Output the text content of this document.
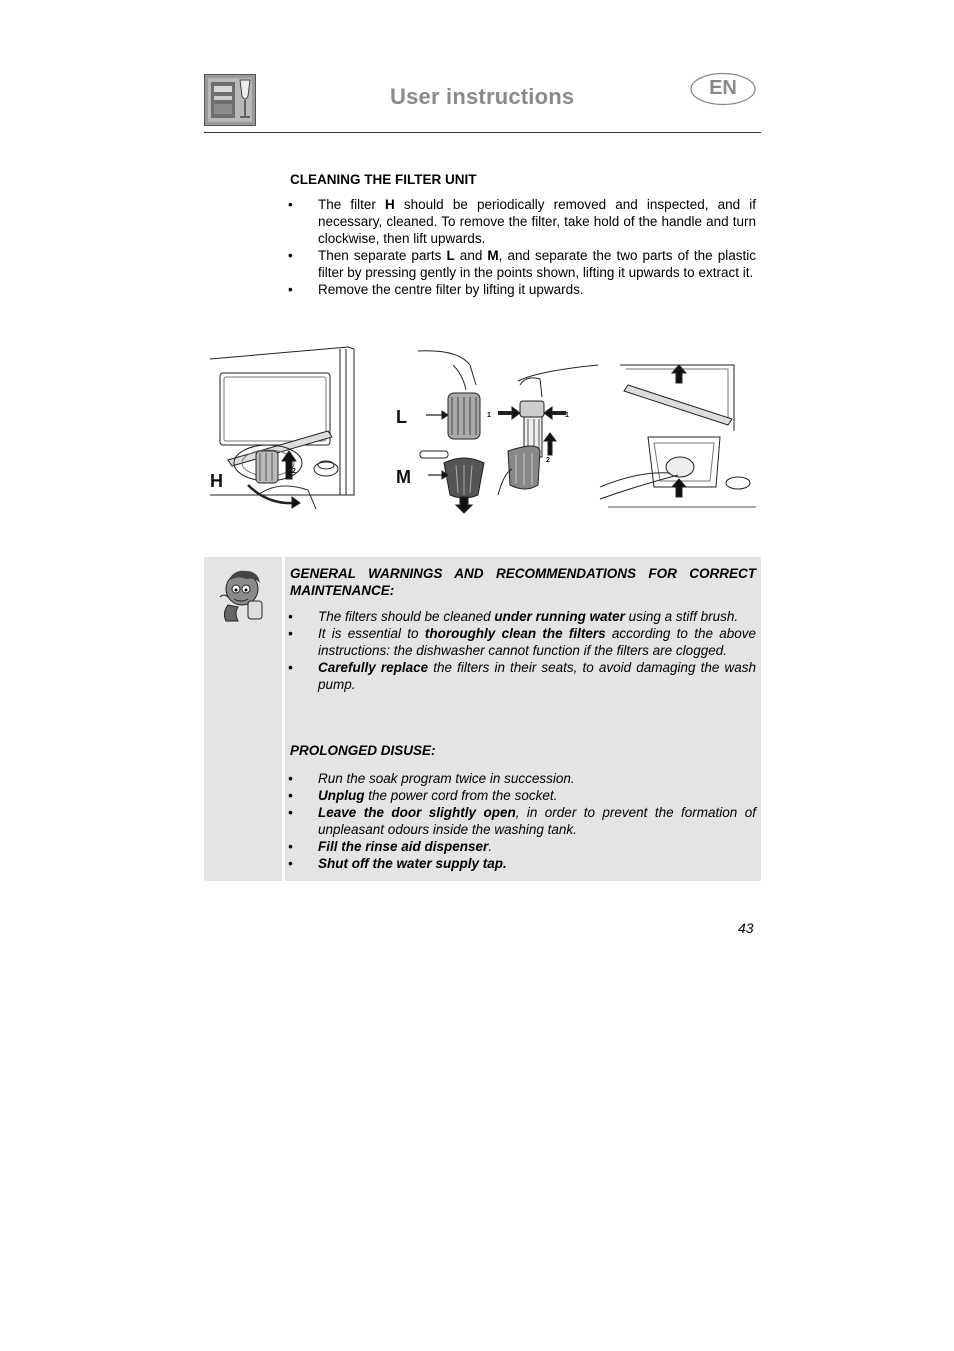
User instructions	EN
CLEANING THE FILTER UNIT
• The filter H should be periodically removed and inspected, and if necessary, cleaned. To remove the filter, take hold of the handle and turn clockwise, then lift upwards.
• Then separate parts L and M, and separate the two parts of the plastic filter by pressing gently in the points shown, lifting it upwards to extract it.
• Remove the centre filter by lifting it upwards.
H	2
L
M
1	1
2
GENERAL WARNINGS AND RECOMMENDATIONS FOR CORRECT MAINTENANCE:
• The filters should be cleaned under running water using a stiff brush.
• It is essential to thoroughly clean the filters according to the above instructions: the dishwasher cannot function if the filters are clogged.
• Carefully replace the filters in their seats, to avoid damaging the wash pump.
PROLONGED DISUSE:
• Run the soak program twice in succession.
• Unplug the power cord from the socket.
• Leave the door slightly open, in order to prevent the formation of unpleasant odours inside the washing tank.
• Fill the rinse aid dispenser.
• Shut off the water supply tap.
43
